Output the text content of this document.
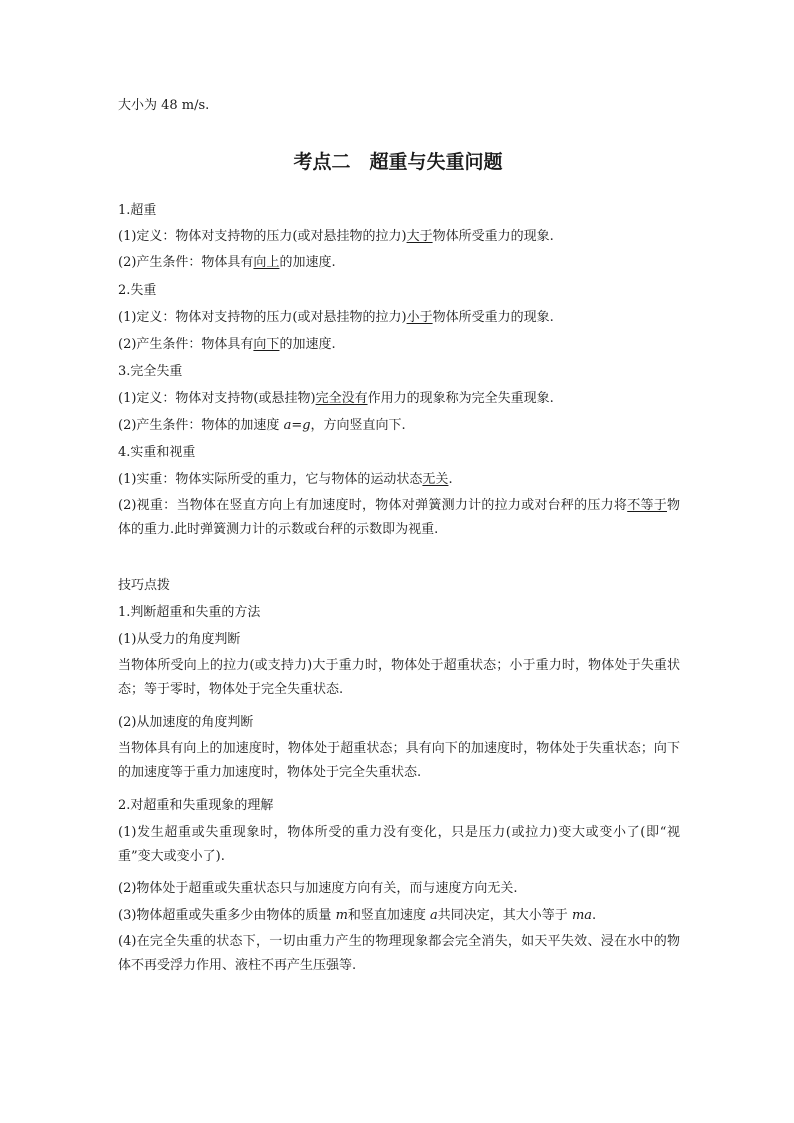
大小为 48 m/s.
考点二　超重与失重问题
1.超重
(1)定义：物体对支持物的压力(或对悬挂物的拉力)大于物体所受重力的现象.
(2)产生条件：物体具有向上的加速度.
2.失重
(1)定义：物体对支持物的压力(或对悬挂物的拉力)小于物体所受重力的现象.
(2)产生条件：物体具有向下的加速度.
3.完全失重
(1)定义：物体对支持物(或悬挂物)完全没有作用力的现象称为完全失重现象.
(2)产生条件：物体的加速度 a=g，方向竖直向下.
4.实重和视重
(1)实重：物体实际所受的重力，它与物体的运动状态无关.
(2)视重：当物体在竖直方向上有加速度时，物体对弹簧测力计的拉力或对台秤的压力将不等于物体的重力.此时弹簧测力计的示数或台秤的示数即为视重.
技巧点拨
1.判断超重和失重的方法
(1)从受力的角度判断
当物体所受向上的拉力(或支持力)大于重力时，物体处于超重状态；小于重力时，物体处于失重状态；等于零时，物体处于完全失重状态.
(2)从加速度的角度判断
当物体具有向上的加速度时，物体处于超重状态；具有向下的加速度时，物体处于失重状态；向下的加速度等于重力加速度时，物体处于完全失重状态.
2.对超重和失重现象的理解
(1)发生超重或失重现象时，物体所受的重力没有变化，只是压力(或拉力)变大或变小了(即“视重”变大或变小了).
(2)物体处于超重或失重状态只与加速度方向有关，而与速度方向无关.
(3)物体超重或失重多少由物体的质量 m和竖直加速度 a共同决定，其大小等于 ma.
(4)在完全失重的状态下，一切由重力产生的物理现象都会完全消失，如天平失效、浸在水中的物体不再受浮力作用、液柱不再产生压强等.
